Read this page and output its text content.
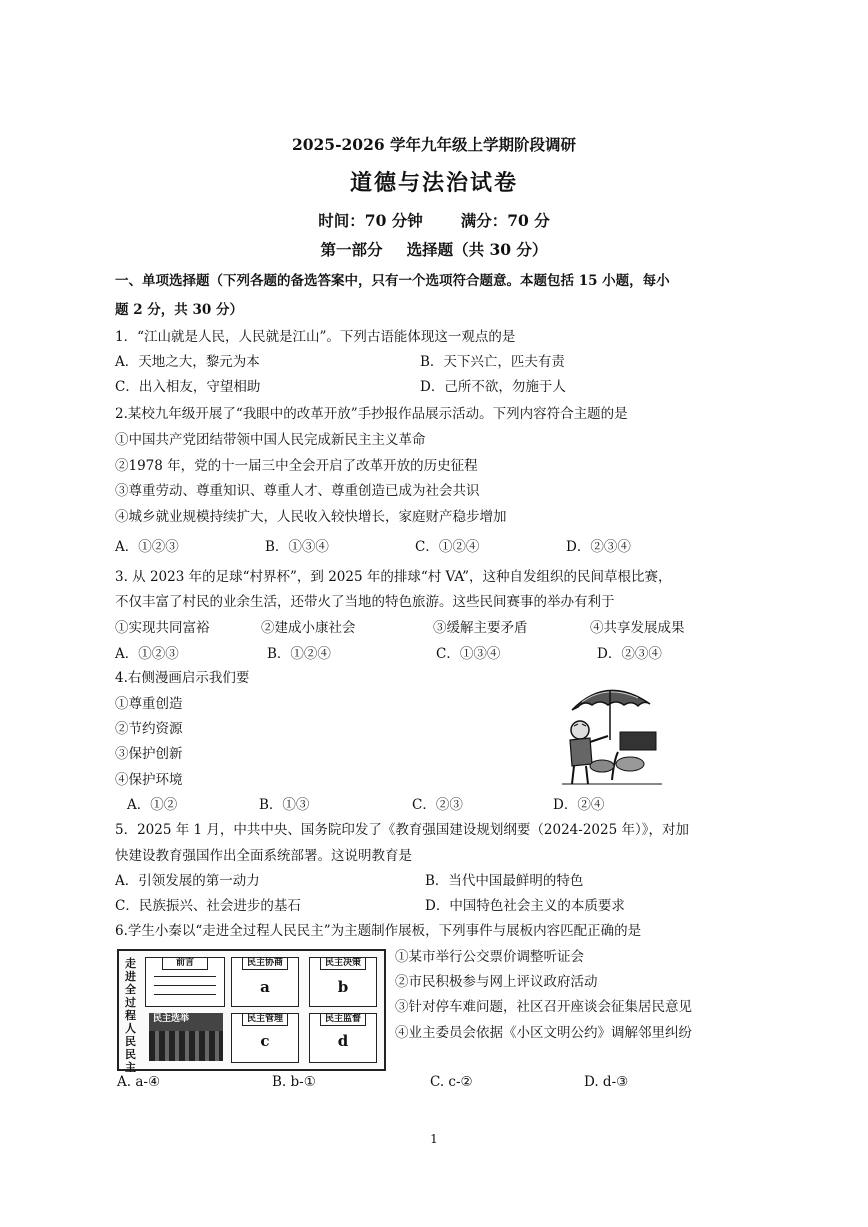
2025-2026 学年九年级上学期阶段调研
道德与法治试卷
时间：70 分钟 满分：70 分
第一部分 选择题（共 30 分）
一、单项选择题（下列各题的备选答案中，只有一个选项符合题意。本题包括 15 小题，每小
题 2 分，共 30 分）
1．“江山就是人民，人民就是江山”。下列古语能体现这一观点的是
A．天地之大，黎元为本	B．天下兴亡，匹夫有责
C．出入相友，守望相助	D．己所不欲，勿施于人
2.某校九年级开展了“我眼中的改革开放”手抄报作品展示活动。下列内容符合主题的是
①中国共产党团结带领中国人民完成新民主主义革命
②1978 年，党的十一届三中全会开启了改革开放的历史征程
③尊重劳动、尊重知识、尊重人才、尊重创造已成为社会共识
④城乡就业规模持续扩大，人民收入较快增长，家庭财产稳步增加
A．①②③	B．①③④	C．①②④	D．②③④
3. 从 2023 年的足球“村界杯”，到 2025 年的排球“村 VA”，这种自发组织的民间草根比赛，
不仅丰富了村民的业余生活，还带火了当地的特色旅游。这些民间赛事的举办有利于
①实现共同富裕	②建成小康社会	③缓解主要矛盾	④共享发展成果
A．①②③	B．①②④	C．①③④	D．②③④
4.右侧漫画启示我们要
①尊重创造
②节约资源
③保护创新
④保护环境
A．①②	B．①③	C．②③	D．②④
5．2025 年 1 月，中共中央、国务院印发了《教育强国建设规划纲要（2024-2025 年）》，对加
快建设教育强国作出全面系统部署。这说明教育是
A．引领发展的第一动力	B．当代中国最鲜明的特色
C．民族振兴、社会进步的基石	D．中国特色社会主义的本质要求
6.学生小秦以“走进全过程人民民主”为主题制作展板，下列事件与展板内容匹配正确的是
走进全过程人民民主
前言
民主选举
民主协商
a
民主决策
b
民主管理
c
民主监督
d
①某市举行公交票价调整听证会
②市民积极参与网上评议政府活动
③针对停车难问题，社区召开座谈会征集居民意见
④业主委员会依据《小区文明公约》调解邻里纠纷
A. a-④	B. b-①	C. c-②	D. d-③
1
